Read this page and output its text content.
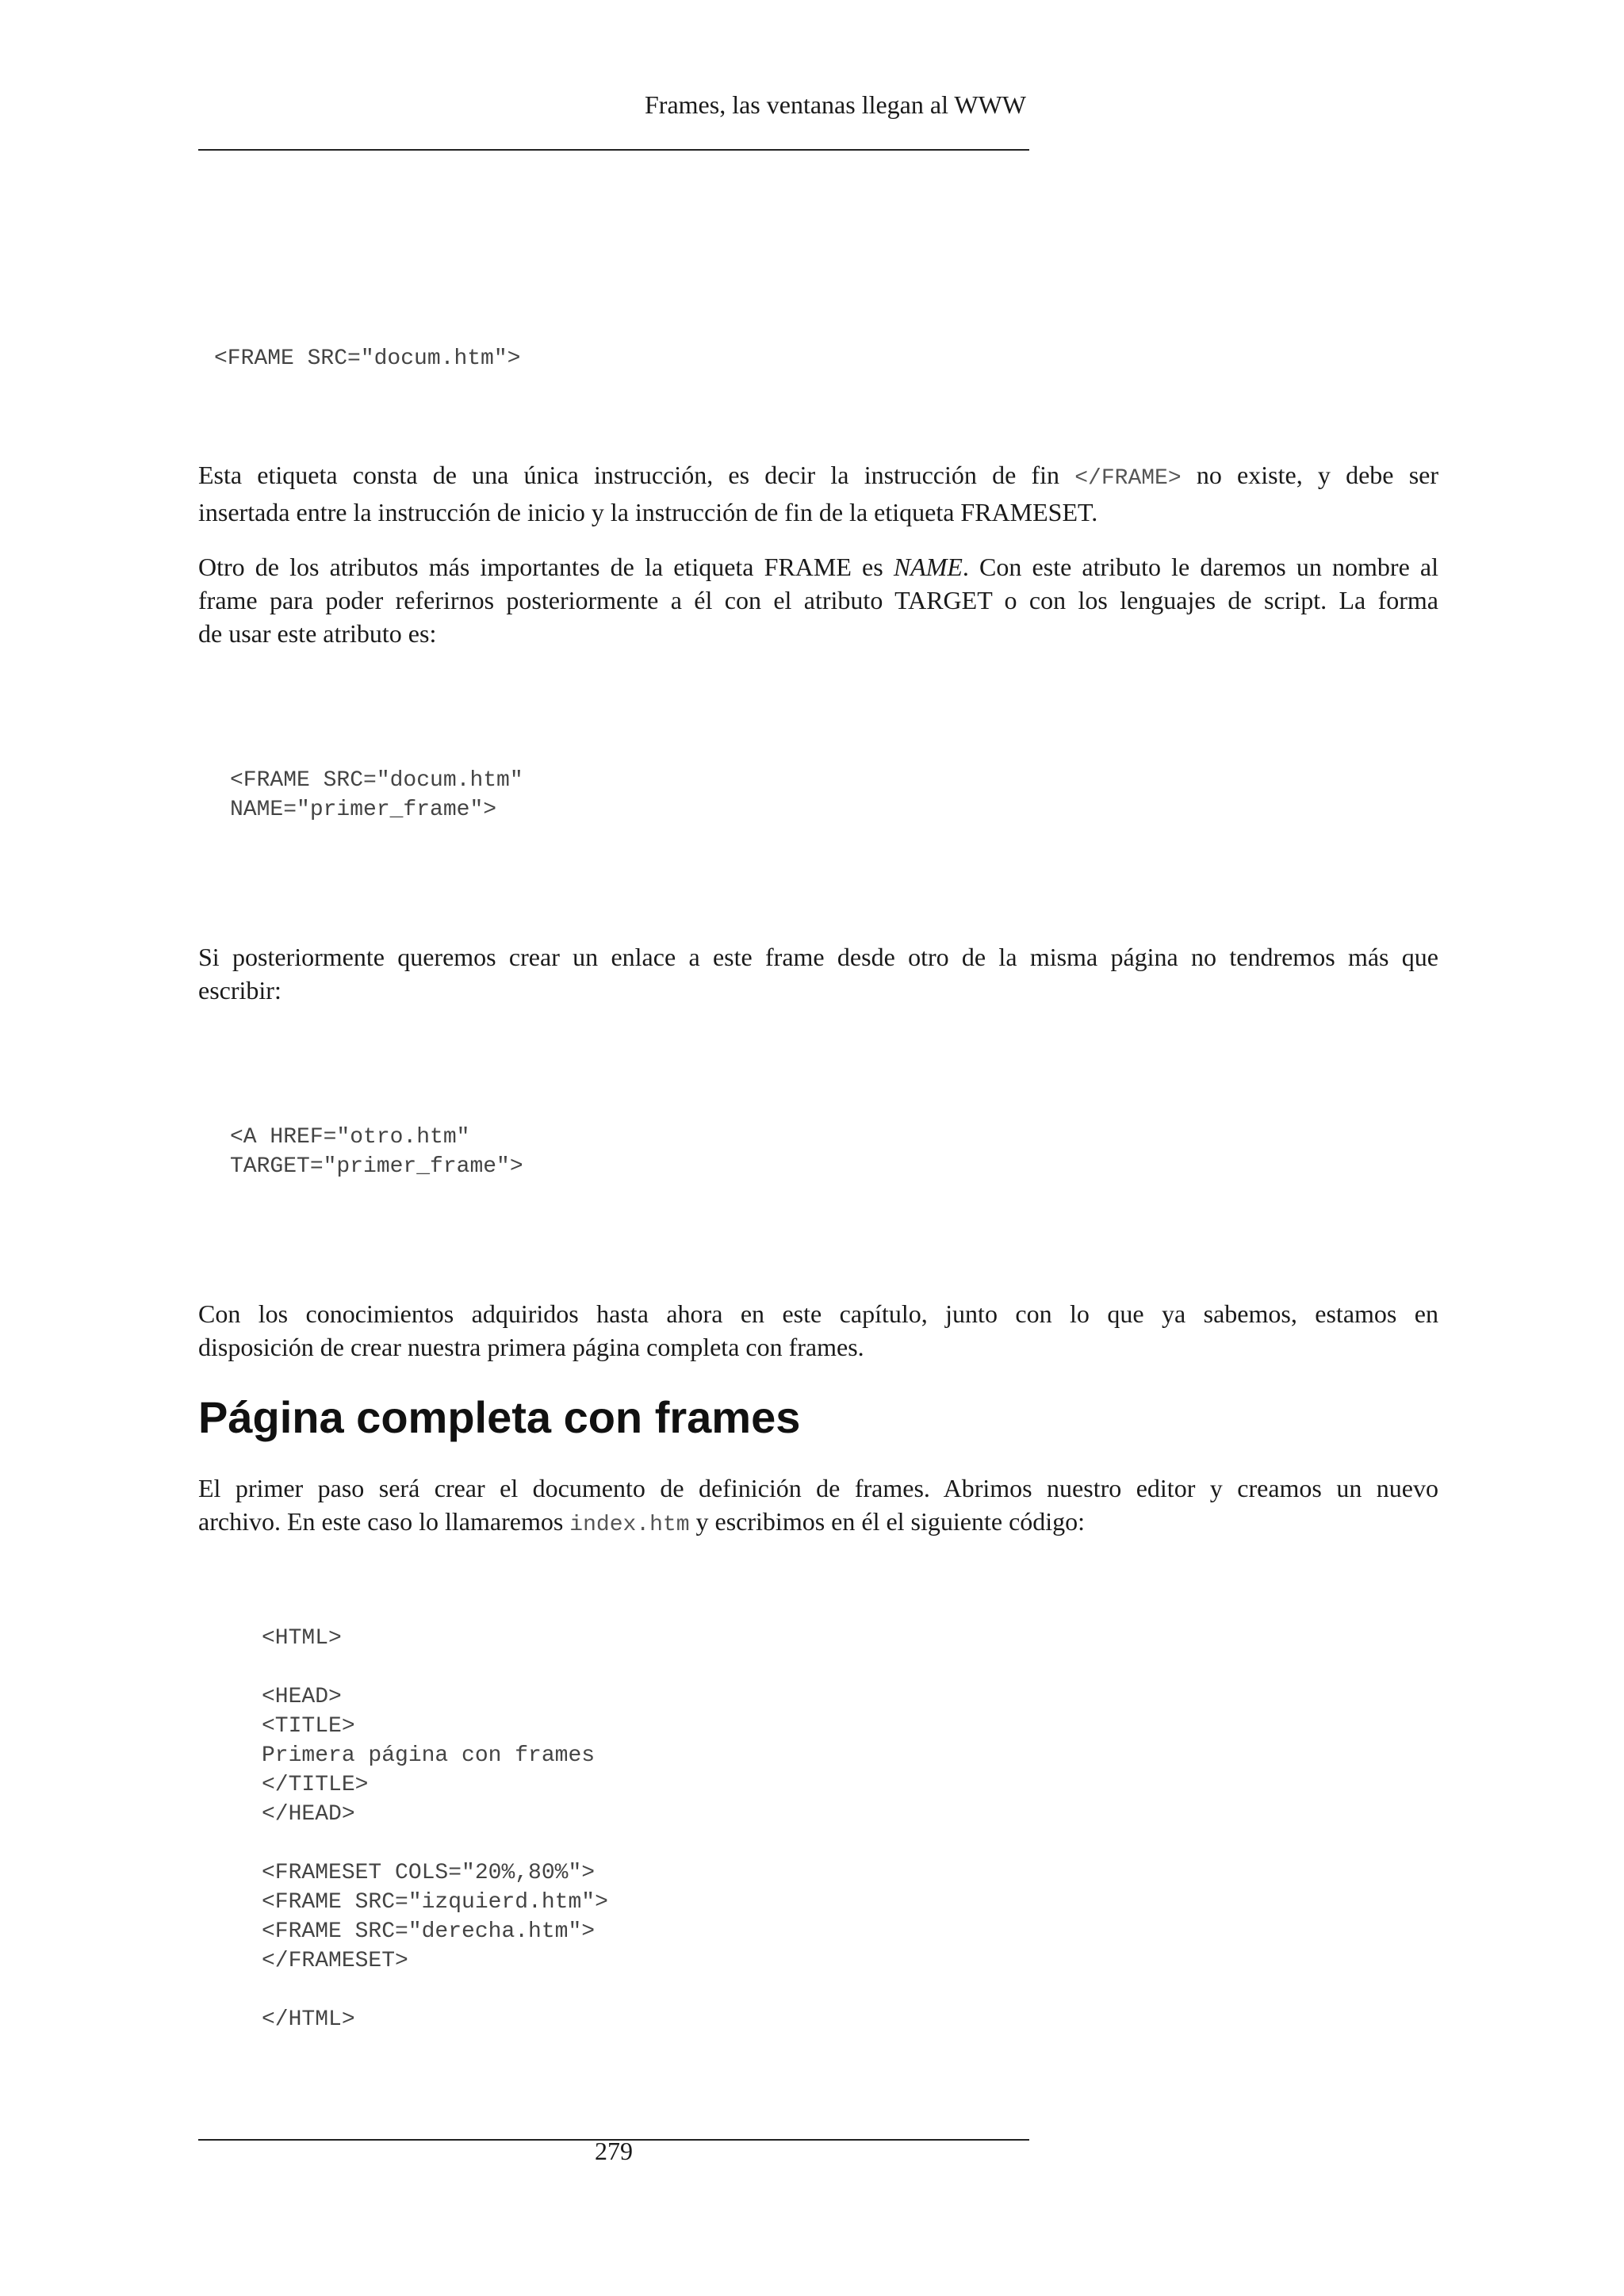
Frames, las ventanas llegan al WWW
<FRAME SRC="docum.htm">

Esta etiqueta consta de una única instrucción, es decir la instrucción de fin </FRAME> no existe, y debe ser
insertada entre la instrucción de inicio y la instrucción de fin de la etiqueta FRAMESET.

Otro de los atributos más importantes de la etiqueta FRAME es NAME. Con este atributo le daremos un nombre al
frame para poder referirnos posteriormente a él con el atributo TARGET o con los lenguajes de script. La forma
de usar este atributo es:

<FRAME SRC="docum.htm"
NAME="primer_frame">

Si posteriormente queremos crear un enlace a este frame desde otro de la misma página no tendremos más que
escribir:

<A HREF="otro.htm"
TARGET="primer_frame">

Con los conocimientos adquiridos hasta ahora en este capítulo, junto con lo que ya sabemos, estamos en
disposición de crear nuestra primera página completa con frames.

Página completa con frames

El primer paso será crear el documento de definición de frames. Abrimos nuestro editor y creamos un nuevo
archivo. En este caso lo llamaremos index.htm y escribimos en él el siguiente código:

<HTML>
<HEAD>
<TITLE>
Primera página con frames
</TITLE>
</HEAD>
<FRAMESET COLS="20%,80%">
<FRAME SRC="izquierd.htm">
<FRAME SRC="derecha.htm">
</FRAMESET>
</HTML>
279
